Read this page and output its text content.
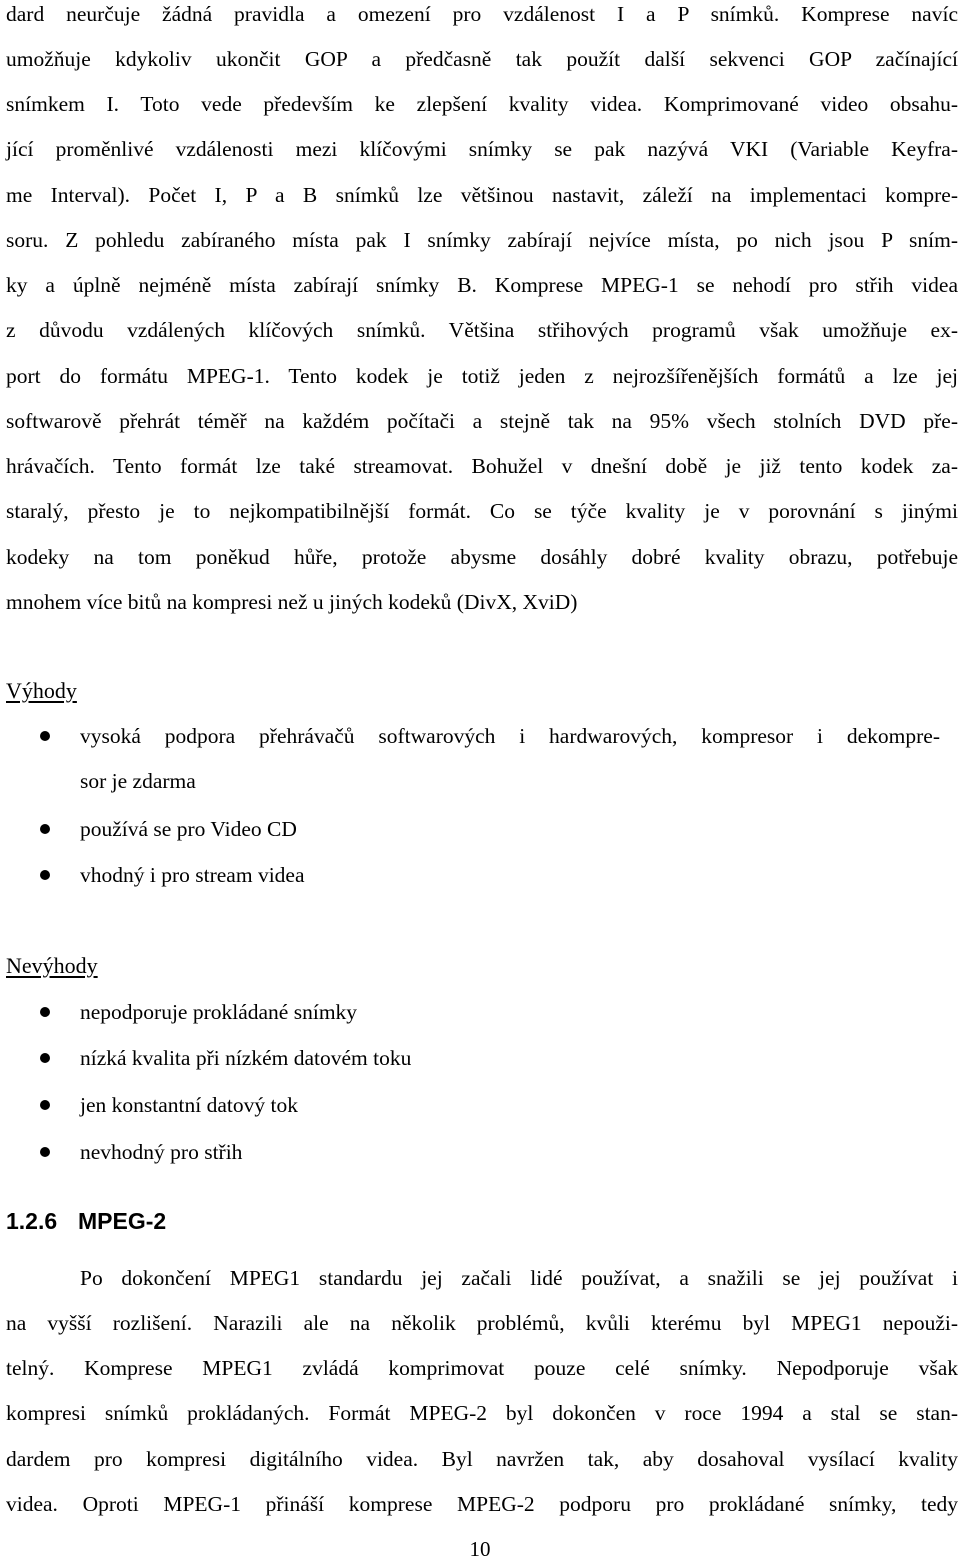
dard neurčuje žádná pravidla a omezení pro vzdálenost I a P snímků. Komprese navíc
umožňuje kdykoliv ukončit GOP a předčasně tak použít další sekvenci GOP začínající
snímkem I. Toto vede především ke zlepšení kvality videa. Komprimované video obsahu-
jící proměnlivé vzdálenosti mezi klíčovými snímky se pak nazývá VKI (Variable Keyfra-
me Interval). Počet I, P a B snímků lze většinou nastavit, záleží na implementaci kompre-
soru. Z pohledu zabíraného místa pak I snímky zabírají nejvíce místa, po nich jsou P sním-
ky a úplně nejméně místa zabírají snímky B. Komprese MPEG-1 se nehodí pro střih videa
z důvodu vzdálených klíčových snímků. Většina střihových programů však umožňuje ex-
port do formátu MPEG-1. Tento kodek je totiž jeden z nejrozšířenějších formátů a lze jej
softwarově přehrát téměř na každém počítači a stejně tak na 95% všech stolních DVD pře-
hrávačích. Tento formát lze také streamovat. Bohužel v dnešní době je již tento kodek za-
staralý, přesto je to nejkompatibilnější formát. Co se týče kvality je v porovnání s jinými
kodeky na tom poněkud hůře, protože abysme dosáhly dobré kvality obrazu, potřebuje
mnohem více bitů na kompresi než u jiných kodeků (DivX, XviD)
Výhody
vysoká podpora přehrávačů softwarových i hardwarových, kompresor i dekompre-
sor je zdarma
používá se pro Video CD
vhodný i pro stream videa
Nevýhody
nepodporuje prokládané snímky
nízká kvalita při nízkém datovém toku
jen konstantní datový tok
nevhodný pro střih
1.2.6 MPEG-2
Po dokončení MPEG1 standardu jej začali lidé používat, a snažili se jej používat i
na vyšší rozlišení. Narazili ale na několik problémů, kvůli kterému byl MPEG1 nepouži-
telný. Komprese MPEG1 zvládá komprimovat pouze celé snímky. Nepodporuje však
kompresi snímků prokládaných. Formát MPEG-2 byl dokončen v roce 1994 a stal se stan-
dardem pro kompresi digitálního videa. Byl navržen tak, aby dosahoval vysílací kvality
videa. Oproti MPEG-1 přináší komprese MPEG-2 podporu pro prokládané snímky, tedy
10
